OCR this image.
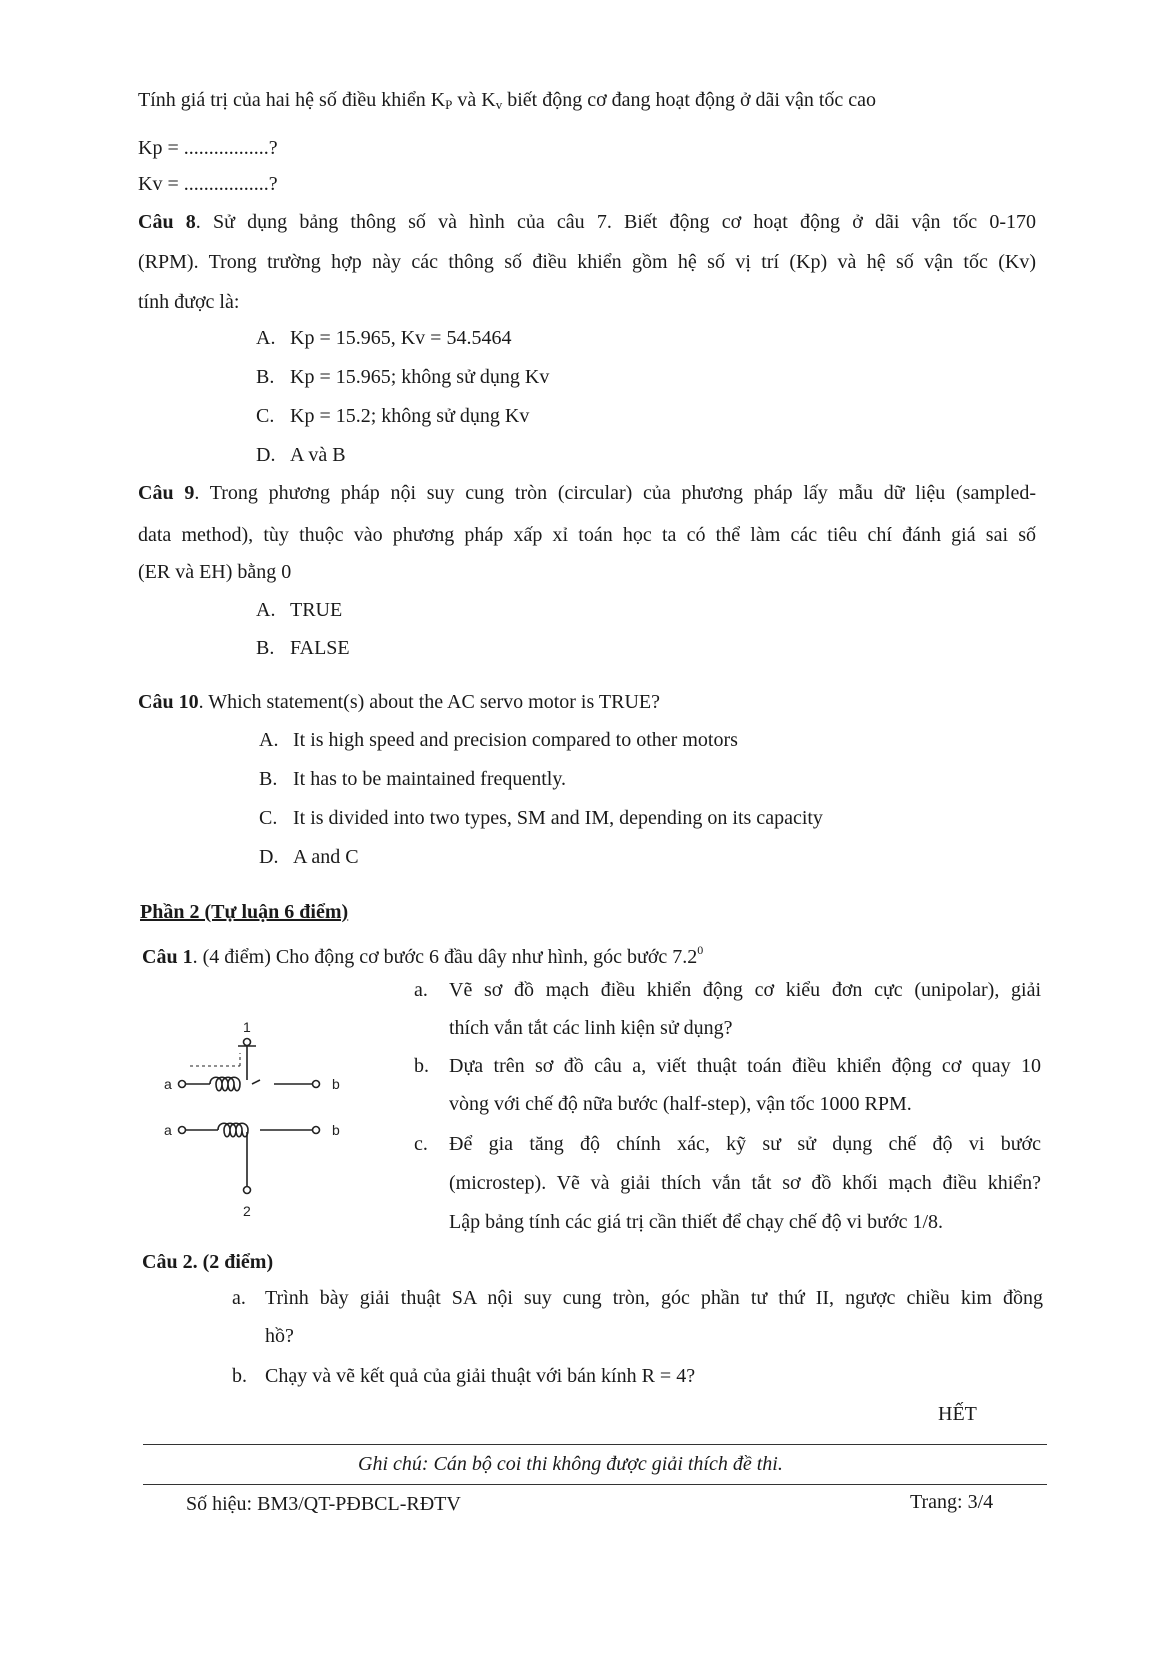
Tính giá trị của hai hệ số điều khiển $K_P$ và $K_v$ biết động cơ đang hoạt động ở dãi vận tốc cao
Kp = .................?
Kv = .................?
Câu 8. Sử dụng bảng thông số và hình của câu 7. Biết động cơ hoạt động ở dãi vận tốc 0-170
(RPM). Trong trường hợp này các thông số điều khiển gồm hệ số vị trí (Kp) và hệ số vận tốc (Kv)
tính được là:
A. Kp = 15.965, Kv = 54.5464
B. Kp = 15.965; không sử dụng Kv
C. Kp = 15.2; không sử dụng Kv
D. A và B
Câu 9. Trong phương pháp nội suy cung tròn (circular) của phương pháp lấy mẫu dữ liệu (sampled-
data method), tùy thuộc vào phương pháp xấp xỉ toán học ta có thể làm các tiêu chí đánh giá sai số
(ER và EH) bằng 0
A. TRUE
B. FALSE
Câu 10. Which statement(s) about the AC servo motor is TRUE?
A. It is high speed and precision compared to other motors
B. It has to be maintained frequently.
C. It is divided into two types, SM and IM, depending on its capacity
D. A and C
Phần 2 (Tự luận 6 điểm)
Câu 1. (4 điểm) Cho động cơ bước 6 đầu dây như hình, góc bước $7.2^0$
1
a	b
a	b
2
a. Vẽ sơ đồ mạch điều khiển động cơ kiểu đơn cực (unipolar), giải
thích vắn tắt các linh kiện sử dụng?
b. Dựa trên sơ đồ câu a, viết thuật toán điều khiển động cơ quay 10
vòng với chế độ nữa bước (half-step), vận tốc 1000 RPM.
c. Để gia tăng độ chính xác, kỹ sư sử dụng chế độ vi bước
(microstep). Vẽ và giải thích vắn tắt sơ đồ khối mạch điều khiển?
Lập bảng tính các giá trị cần thiết để chạy chế độ vi bước 1/8.
Câu 2. (2 điểm)
a. Trình bày giải thuật SA nội suy cung tròn, góc phần tư thứ II, ngược chiều kim đồng
hồ?
b. Chạy và vẽ kết quả của giải thuật với bán kính R = 4?
HẾT
Ghi chú: Cán bộ coi thi không được giải thích đề thi.
Số hiệu: BM3/QT-PĐBCL-RĐTV	Trang: 3/4
